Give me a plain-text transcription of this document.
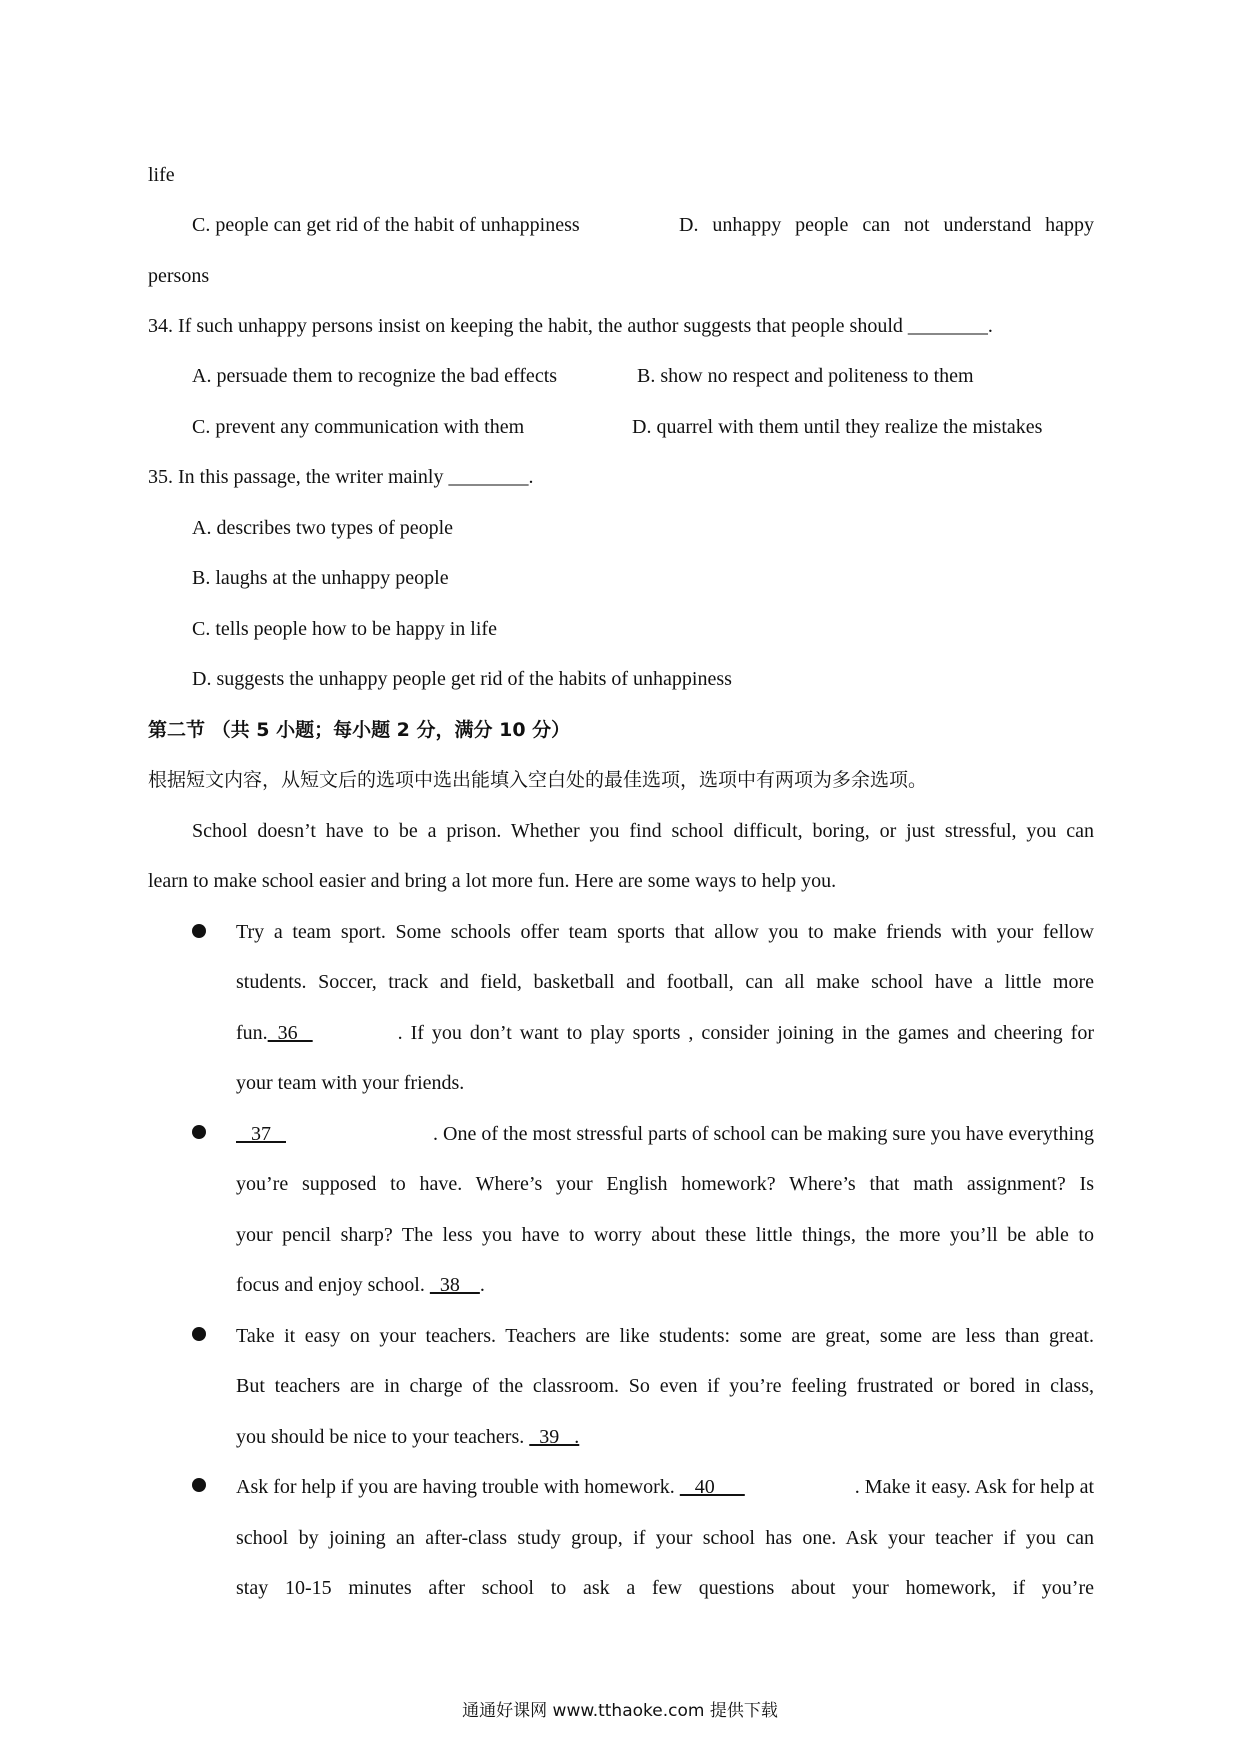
life
C. people can get rid of the habit of unhappiness	D. unhappy people can not understand happy
persons
34. If such unhappy persons insist on keeping the habit, the author suggests that people should ________.
A. persuade them to recognize the bad effects	B. show no respect and politeness to them
C. prevent any communication with them	D. quarrel with them until they realize the mistakes
35. In this passage, the writer mainly ________.
A. describes two types of people
B. laughs at the unhappy people
C. tells people how to be happy in life
D. suggests the unhappy people get rid of the habits of unhappiness
第二节 （共 5 小题；每小题 2 分，满分 10 分）
根据短文内容，从短文后的选项中选出能填入空白处的最佳选项，选项中有两项为多余选项。
School doesn’t have to be a prison. Whether you find school difficult, boring, or just stressful, you can
learn to make school easier and bring a lot more fun. Here are some ways to help you.
Try a team sport. Some schools offer team sports that allow you to make friends with your fellow
students. Soccer, track and field, basketball and football, can all make school have a little more
fun.  36	. If you don’t want to play sports , consider joining in the games and cheering for
your team with your friends.
37	. One of the most stressful parts of school can be making sure you have everything
you’re supposed to have. Where’s your English homework? Where’s that math assignment? Is
your pencil sharp? The less you have to worry about these little things, the more you’ll be able to
focus and enjoy school.   38    .
Take it easy on your teachers. Teachers are like students: some are great, some are less than great.
But teachers are in charge of the classroom. So even if you’re feeling frustrated or bored in class,
you should be nice to your teachers.   39   .
Ask for help if you are having trouble with homework.    40	. Make it easy. Ask for help at
school by joining an after-class study group, if your school has one. Ask your teacher if you can
stay 10-15 minutes after school to ask a few questions about your homework, if you’re
通通好课网 www.tthaoke.com 提供下载
